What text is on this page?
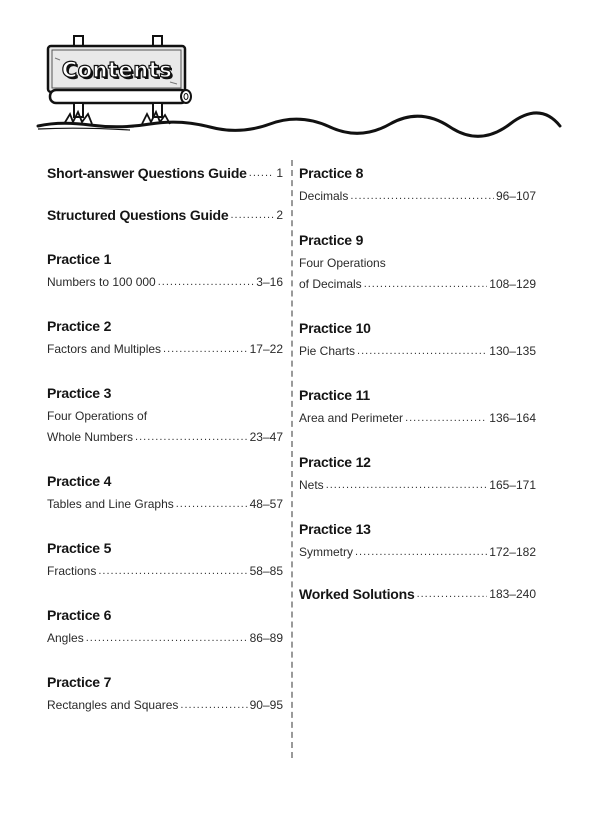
Contents
Short-answer Questions Guide ..... 1
Structured Questions Guide .....	2
Practice 1
Numbers to 100 000 .....	3–16
Practice 2
Factors and Multiples .....	17–22
Practice 3
Four Operations of
Whole Numbers .....	23–47
Practice 4
Tables and Line Graphs .....	48–57
Practice 5
Fractions .....	58–85
Practice 6
Angles .....	86–89
Practice 7
Rectangles and Squares .....	90–95
Practice 8
Decimals .....	96–107
Practice 9
Four Operations
of Decimals .....	108–129
Practice 10
Pie Charts .....	130–135
Practice 11
Area and Perimeter .....	136–164
Practice 12
Nets .....	165–171
Practice 13
Symmetry .....	172–182
Worked Solutions .....	183–240
